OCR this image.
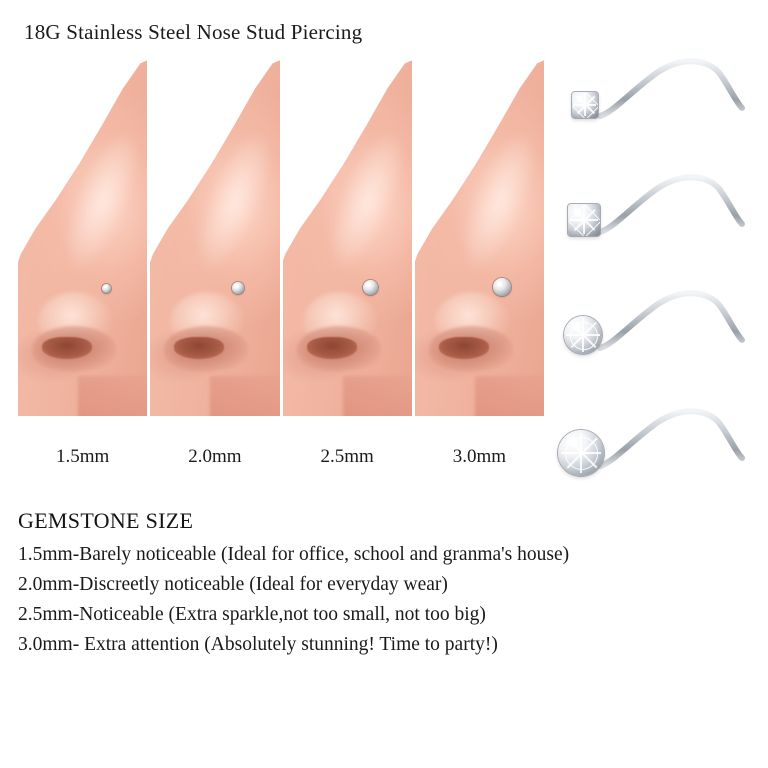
18G Stainless Steel Nose Stud Piercing
1.5mm	2.0mm	2.5mm	3.0mm
GEMSTONE SIZE
1.5mm-Barely noticeable (Ideal for office, school and granma's house)
2.0mm-Discreetly noticeable (Ideal for everyday wear)
2.5mm-Noticeable (Extra sparkle,not too small, not too big)
3.0mm- Extra attention (Absolutely stunning! Time to party!)
